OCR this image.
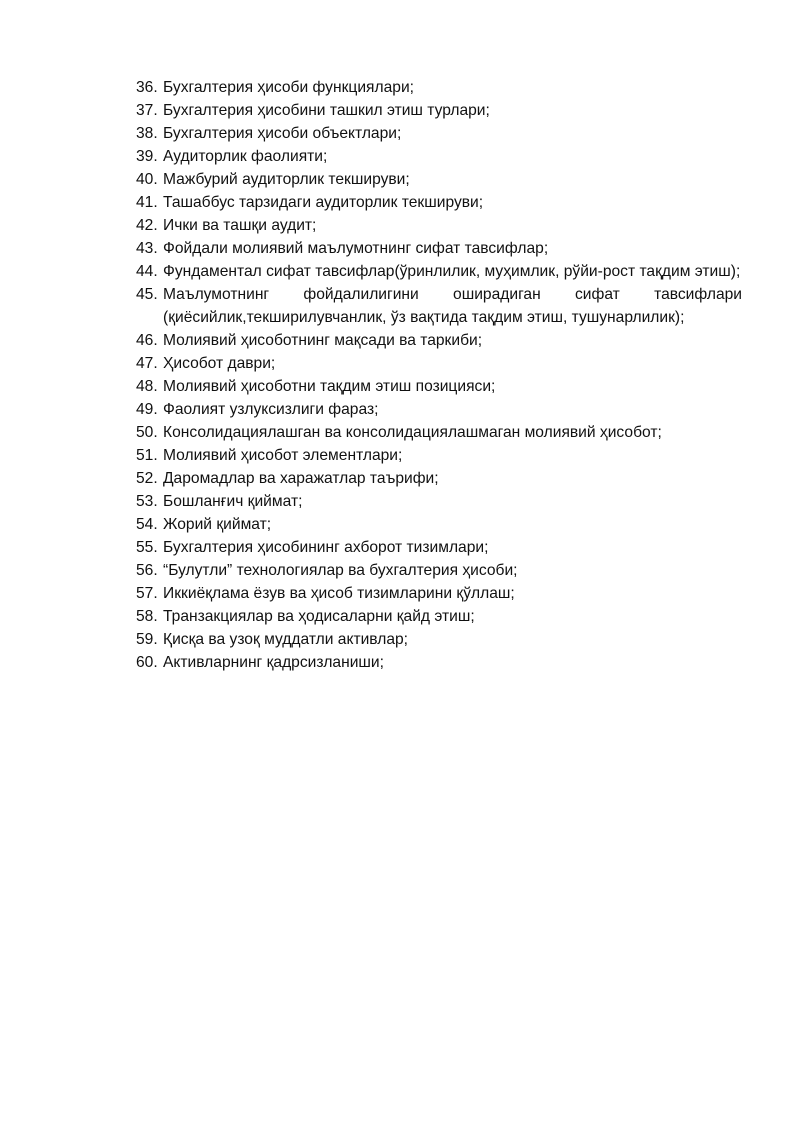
36. Бухгалтерия ҳисоби функциялари;
37. Бухгалтерия ҳисобини ташкил этиш турлари;
38. Бухгалтерия ҳисоби объектлари;
39. Аудиторлик фаолияти;
40. Мажбурий аудиторлик текшируви;
41. Ташаббус тарзидаги аудиторлик текшируви;
42. Ички ва ташқи аудит;
43. Фойдали молиявий маълумотнинг сифат тавсифлар;
44. Фундаментал сифат тавсифлар(ўринлилик, муҳимлик, рўйи-рост тақдим этиш);
45. Маълумотнинг фойдалилигини оширадиган сифат тавсифлари (қиёсийлик,текширилувчанлик, ўз вақтида тақдим этиш, тушунарлилик);
46. Молиявий ҳисоботнинг мақсади ва таркиби;
47. Ҳисобот даври;
48. Молиявий ҳисоботни тақдим этиш позицияси;
49. Фаолият узлуксизлиги фараз;
50. Консолидациялашган ва консолидациялашмаган молиявий ҳисобот;
51. Молиявий ҳисобот элементлари;
52. Даромадлар ва харажатлар таърифи;
53. Бошланғич қиймат;
54. Жорий қиймат;
55. Бухгалтерия ҳисобининг ахборот тизимлари;
56. “Булутли” технологиялар ва бухгалтерия ҳисоби;
57. Иккиёқлама ёзув ва ҳисоб тизимларини қўллаш;
58. Транзакциялар ва ҳодисаларни қайд этиш;
59. Қисқа ва узоқ муддатли активлар;
60. Активларнинг қадрсизланиши;
